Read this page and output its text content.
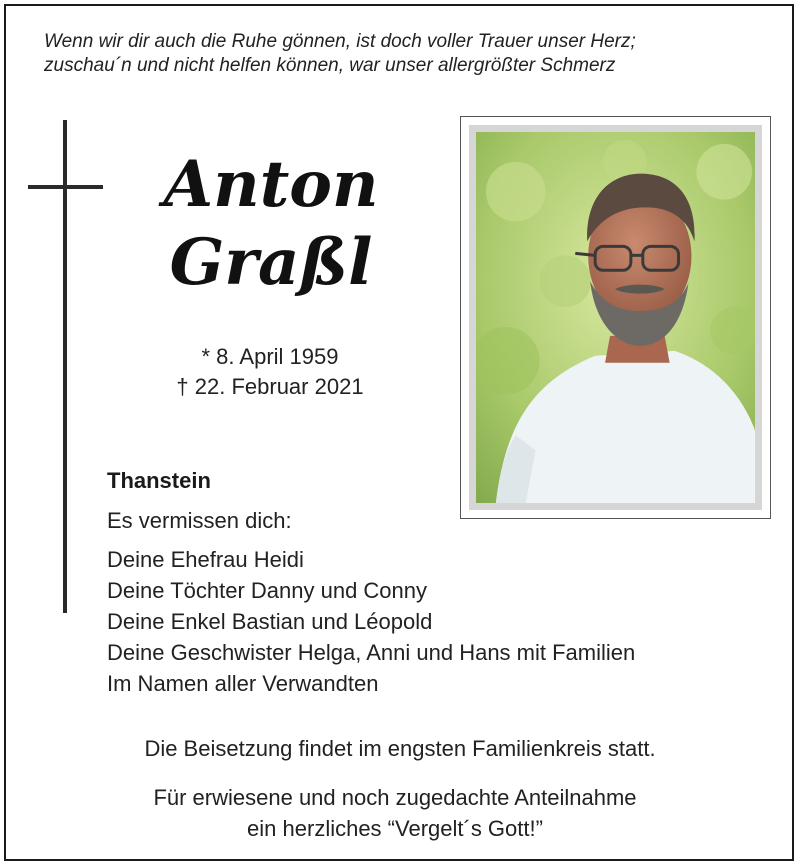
Wenn wir dir auch die Ruhe gönnen, ist doch voller Trauer unser Herz;
zuschau´n und nicht helfen können, war unser allergrößter Schmerz

Anton
Graßl
* 8. April 1959
† 22. Februar 2021
Thanstein
Es vermissen dich:
Deine Ehefrau Heidi
Deine Töchter Danny und Conny
Deine Enkel Bastian und Léopold
Deine Geschwister Helga, Anni und Hans mit Familien
Im Namen aller Verwandten
Die Beisetzung findet im engsten Familienkreis statt.
Für erwiesene und noch zugedachte Anteilnahme
ein herzliches “Vergelt´s Gott!”
